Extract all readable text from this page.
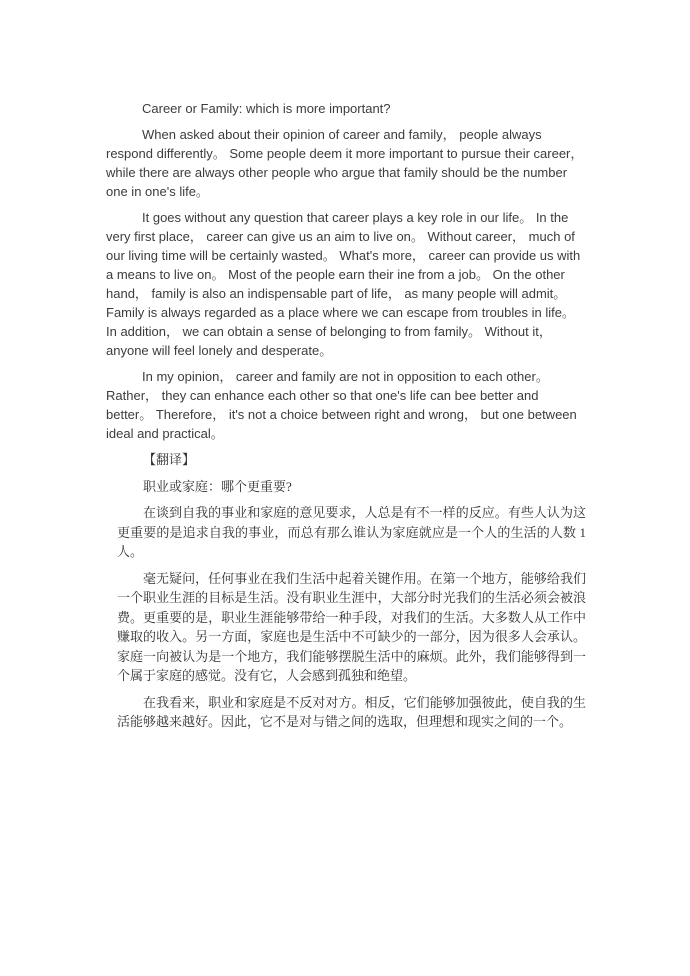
Career or Family: which is more important?

When asked about their opinion of career and family， people always respond differently。 Some people deem it more important to pursue their career， while there are always other people who argue that family should be the number one in one's life。

It goes without any question that career plays a key role in our life。 In the very first place， career can give us an aim to live on。 Without career， much of our living time will be certainly wasted。 What's more， career can provide us with a means to live on。 Most of the people earn their ine from a job。 On the other hand， family is also an indispensable part of life， as many people will admit。 Family is always regarded as a place where we can escape from troubles in life。 In addition， we can obtain a sense of belonging to from family。 Without it， anyone will feel lonely and desperate。

In my opinion， career and family are not in opposition to each other。 Rather， they can enhance each other so that one's life can bee better and better。 Therefore， it's not a choice between right and wrong， but one between ideal and practical。

【翻译】

职业或家庭：哪个更重要?

在谈到自我的事业和家庭的意见要求，人总是有不一样的反应。有些人认为这更重要的是追求自我的事业，而总有那么谁认为家庭就应是一个人的生活的人数 1 人。

毫无疑问，任何事业在我们生活中起着关键作用。在第一个地方，能够给我们一个职业生涯的目标是生活。没有职业生涯中，大部分时光我们的生活必须会被浪费。更重要的是，职业生涯能够带给一种手段，对我们的生活。大多数人从工作中赚取的收入。另一方面，家庭也是生活中不可缺少的一部分，因为很多人会承认。家庭一向被认为是一个地方，我们能够摆脱生活中的麻烦。此外，我们能够得到一个属于家庭的感觉。没有它，人会感到孤独和绝望。

在我看来，职业和家庭是不反对对方。相反，它们能够加强彼此，使自我的生活能够越来越好。因此，它不是对与错之间的选取，但理想和现实之间的一个。
